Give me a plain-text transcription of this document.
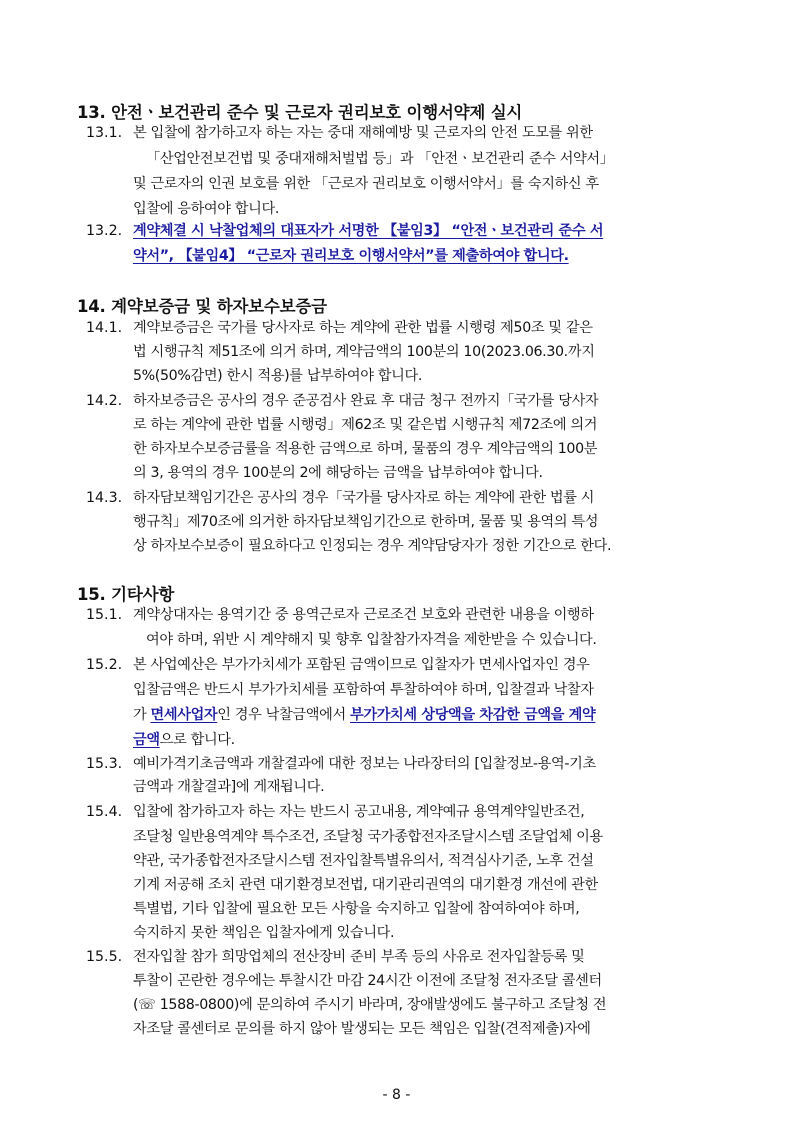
13. 안전ㆍ보건관리 준수 및 근로자 권리보호 이행서약제 실시
13.1. 본 입찰에 참가하고자 하는 자는 중대 재해예방 및 근로자의 안전 도모를 위한
「산업안전보건법 및 중대재해처벌법 등」과 「안전ㆍ보건관리 준수 서약서」
및 근로자의 인권 보호를 위한 「근로자 권리보호 이행서약서」를 숙지하신 후
입찰에 응하여야 합니다.
13.2. 계약체결 시 낙찰업체의 대표자가 서명한 【붙임3】 “안전ㆍ보건관리 준수 서
약서”, 【붙임4】 “근로자 권리보호 이행서약서”를 제출하여야 합니다.
14. 계약보증금 및 하자보수보증금
14.1. 계약보증금은 국가를 당사자로 하는 계약에 관한 법률 시행령 제50조 및 같은
법 시행규칙 제51조에 의거 하며, 계약금액의 100분의 10(2023.06.30.까지
5%(50%감면) 한시 적용)를 납부하여야 합니다.
14.2. 하자보증금은 공사의 경우 준공검사 완료 후 대금 청구 전까지「국가를 당사자
로 하는 계약에 관한 법률 시행령」제62조 및 같은법 시행규칙 제72조에 의거
한 하자보수보증금률을 적용한 금액으로 하며, 물품의 경우 계약금액의 100분
의 3, 용역의 경우 100분의 2에 해당하는 금액을 납부하여야 합니다.
14.3. 하자담보책임기간은 공사의 경우「국가를 당사자로 하는 계약에 관한 법률 시
행규칙」제70조에 의거한 하자담보책임기간으로 한하며, 물품 및 용역의 특성
상 하자보수보증이 필요하다고 인정되는 경우 계약담당자가 정한 기간으로 한다.
15. 기타사항
15.1. 계약상대자는 용역기간 중 용역근로자 근로조건 보호와 관련한 내용을 이행하
여야 하며, 위반 시 계약해지 및 향후 입찰참가자격을 제한받을 수 있습니다.
15.2. 본 사업예산은 부가가치세가 포함된 금액이므로 입찰자가 면세사업자인 경우
입찰금액은 반드시 부가가치세를 포함하여 투찰하여야 하며, 입찰결과 낙찰자
가 면세사업자인 경우 낙찰금액에서 부가가치세 상당액을 차감한 금액을 계약
금액으로 합니다.
15.3. 예비가격기초금액과 개찰결과에 대한 정보는 나라장터의 [입찰정보-용역-기초
금액과 개찰결과]에 게재됩니다.
15.4. 입찰에 참가하고자 하는 자는 반드시 공고내용, 계약예규 용역계약일반조건,
조달청 일반용역계약 특수조건, 조달청 국가종합전자조달시스템 조달업체 이용
약관, 국가종합전자조달시스템 전자입찰특별유의서, 적격심사기준, 노후 건설
기계 저공해 조치 관련 대기환경보전법, 대기관리권역의 대기환경 개선에 관한
특별법, 기타 입찰에 필요한 모든 사항을 숙지하고 입찰에 참여하여야 하며,
숙지하지 못한 책임은 입찰자에게 있습니다.
15.5. 전자입찰 참가 희망업체의 전산장비 준비 부족 등의 사유로 전자입찰등록 및
투찰이 곤란한 경우에는 투찰시간 마감 24시간 이전에 조달청 전자조달 콜센터
(☏ 1588-0800)에 문의하여 주시기 바라며, 장애발생에도 불구하고 조달청 전
자조달 콜센터로 문의를 하지 않아 발생되는 모든 책임은 입찰(견적제출)자에
- 8 -
